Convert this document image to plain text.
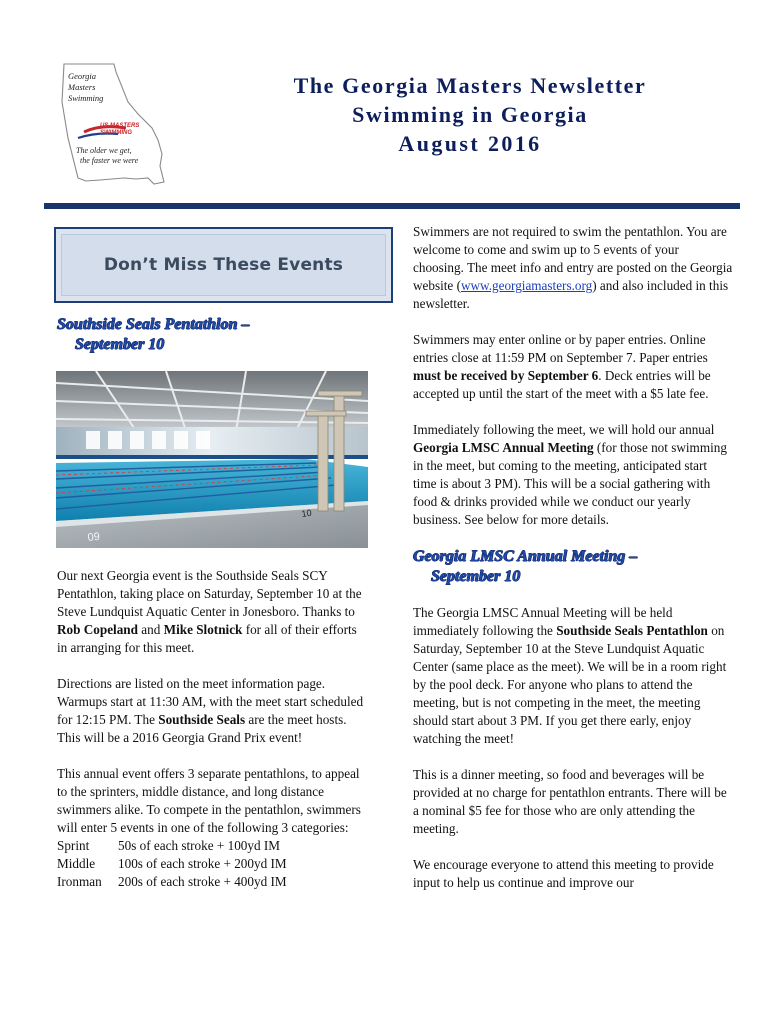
Georgia
Masters
Swimming
US MASTERS SWIMMING
The older we get,
the faster we were
The Georgia Masters Newsletter
Swimming in Georgia
August 2016
Don’t Miss These Events
Southside Seals Pentathlon –
September 10
10
09

Our next Georgia event is the Southside Seals SCY Pentathlon, taking place on Saturday, September 10 at the Steve Lundquist Aquatic Center in Jonesboro. Thanks to Rob Copeland and Mike Slotnick for all of their efforts in arranging for this meet.

Directions are listed on the meet information page. Warmups start at 11:30 AM, with the meet start scheduled for 12:15 PM. The Southside Seals are the meet hosts. This will be a 2016 Georgia Grand Prix event!

This annual event offers 3 separate pentathlons, to appeal to the sprinters, middle distance, and long distance swimmers alike. To compete in the pentathlon, swimmers will enter 5 events in one of the following 3 categories:

Sprint	50s of each stroke + 100yd IM
Middle	100s of each stroke + 200yd IM
Ironman	200s of each stroke + 400yd IM

Swimmers are not required to swim the pentathlon. You are welcome to come and swim up to 5 events of your choosing. The meet info and entry are posted on the Georgia website (www.georgiamasters.org) and also included in this newsletter.

Swimmers may enter online or by paper entries. Online entries close at 11:59 PM on September 7. Paper entries must be received by September 6. Deck entries will be accepted up until the start of the meet with a $5 late fee.

Immediately following the meet, we will hold our annual Georgia LMSC Annual Meeting (for those not swimming in the meet, but coming to the meeting, anticipated start time is about 3 PM). This will be a social gathering with food & drinks provided while we conduct our yearly business. See below for more details.

Georgia LMSC Annual Meeting –
September 10

The Georgia LMSC Annual Meeting will be held immediately following the Southside Seals Pentathlon on Saturday, September 10 at the Steve Lundquist Aquatic Center (same place as the meet). We will be in a room right by the pool deck. For anyone who plans to attend the meeting, but is not competing in the meet, the meeting should start about 3 PM. If you get there early, enjoy watching the meet!

This is a dinner meeting, so food and beverages will be provided at no charge for pentathlon entrants. There will be a nominal $5 fee for those who are only attending the meeting.

We encourage everyone to attend this meeting to provide input to help us continue and improve our
